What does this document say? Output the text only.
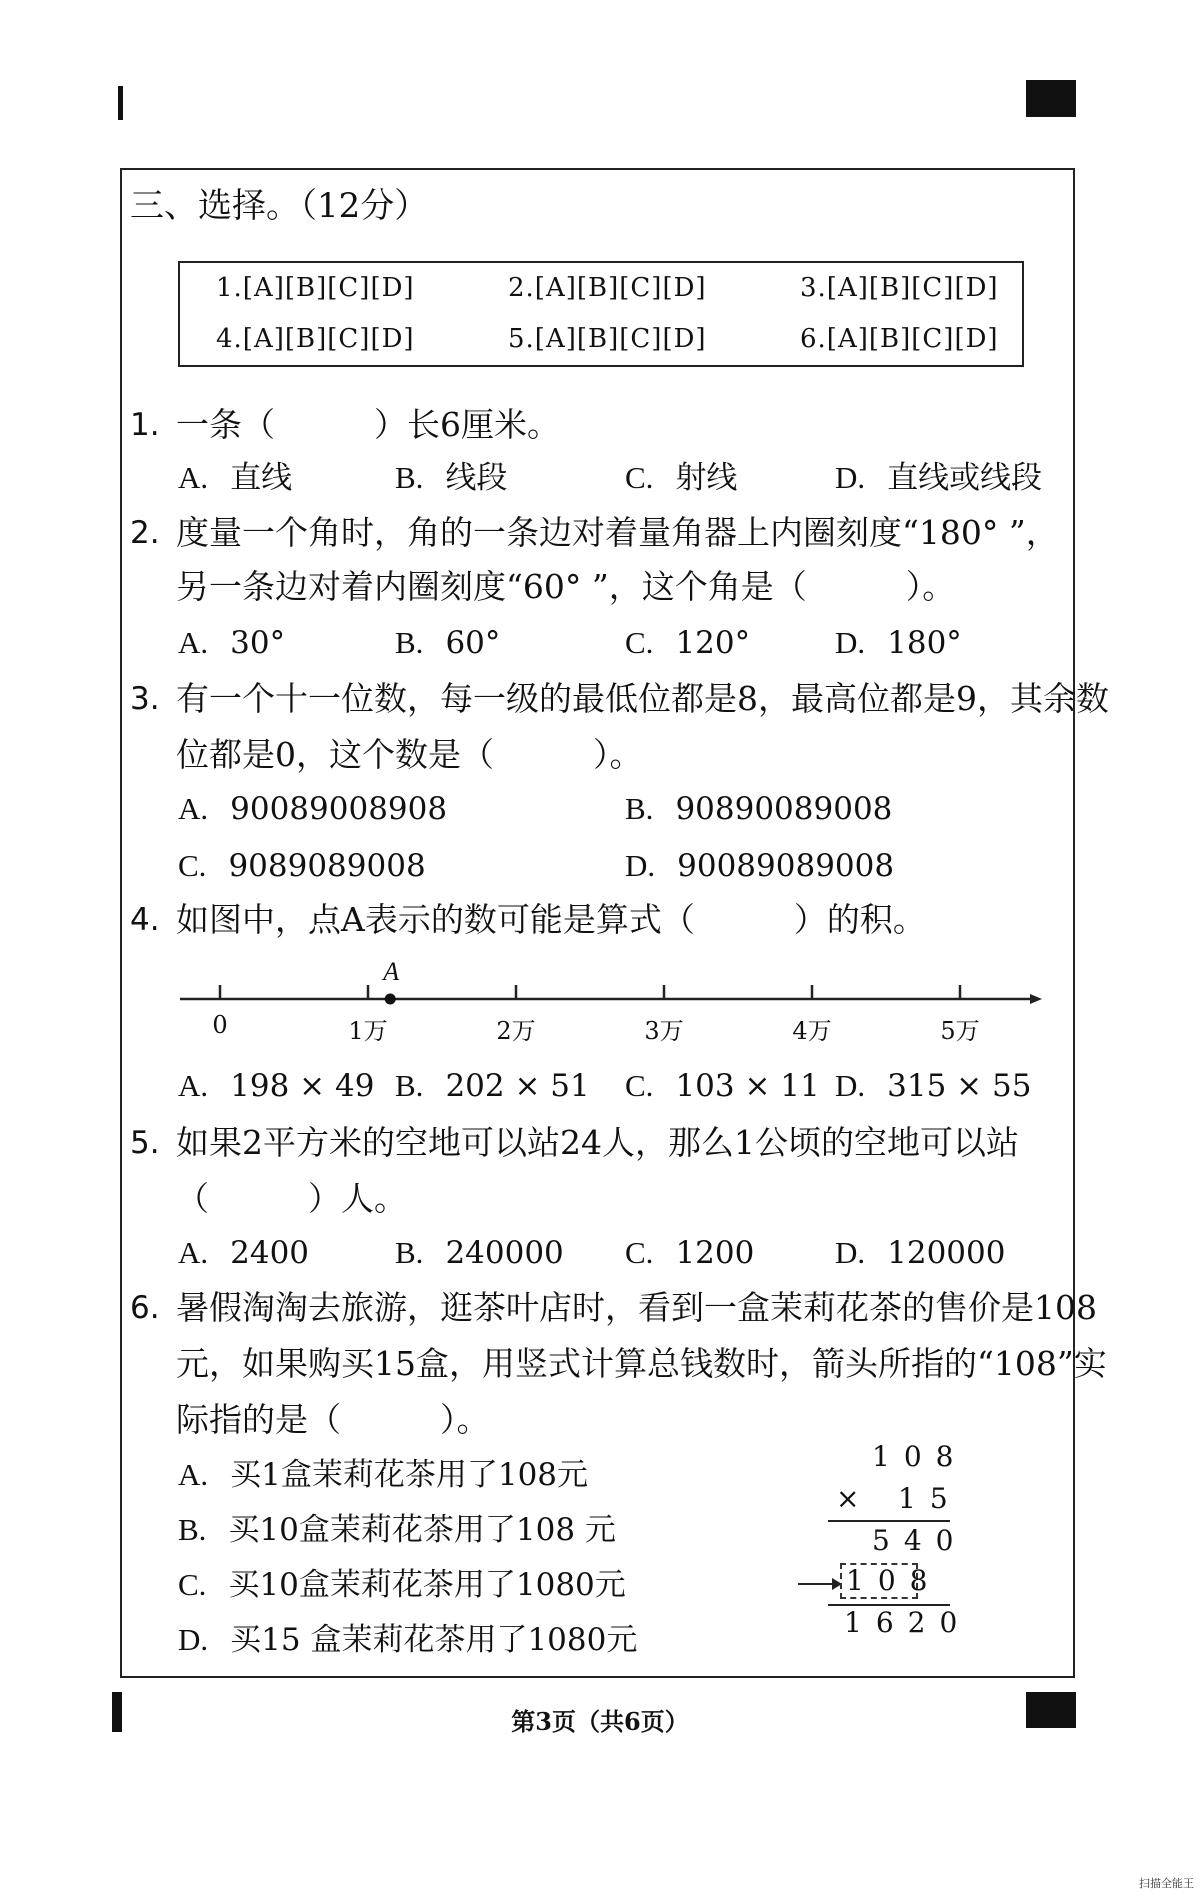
三、选择。（12分）
1.[A][B][C][D]	2.[A][B][C][D]	3.[A][B][C][D]
4.[A][B][C][D]	5.[A][B][C][D]	6.[A][B][C][D]
1. 一条（　　　）长6厘米。
A. 直线	B. 线段	C. 射线	D. 直线或线段
2. 度量一个角时，角的一条边对着量角器上内圈刻度“180° ”，
另一条边对着内圈刻度“60° ”，这个角是（　　　）。
A. 30°	B. 60°	C. 120°	D. 180°
3. 有一个十一位数，每一级的最低位都是8，最高位都是9，其余数
位都是0，这个数是（　　　）。
A. 90089008908	B. 90890089008
C. 9089089008	D. 90089089008
4. 如图中，点A表示的数可能是算式（　　　）的积。
0	1万	2万	3万	4万	5万
A
A. 198 × 49 B. 202 × 51 C. 103 × 11 D. 315 × 55
5. 如果2平方米的空地可以站24人，那么1公顷的空地可以站
（　　　）人。
A. 2400	B. 240000 C. 1200	D. 120000
6. 暑假淘淘去旅游，逛茶叶店时，看到一盒茉莉花茶的售价是108
元，如果购买15盒，用竖式计算总钱数时，箭头所指的“108”实
际指的是（　　　）。
A. 买1盒茉莉花茶用了108元
B. 买10盒茉莉花茶用了108 元
C. 买10盒茉莉花茶用了1080元
D. 买15 盒茉莉花茶用了1080元
108
× 15
540
108
1620
第3页（共6页）
扫描全能王
